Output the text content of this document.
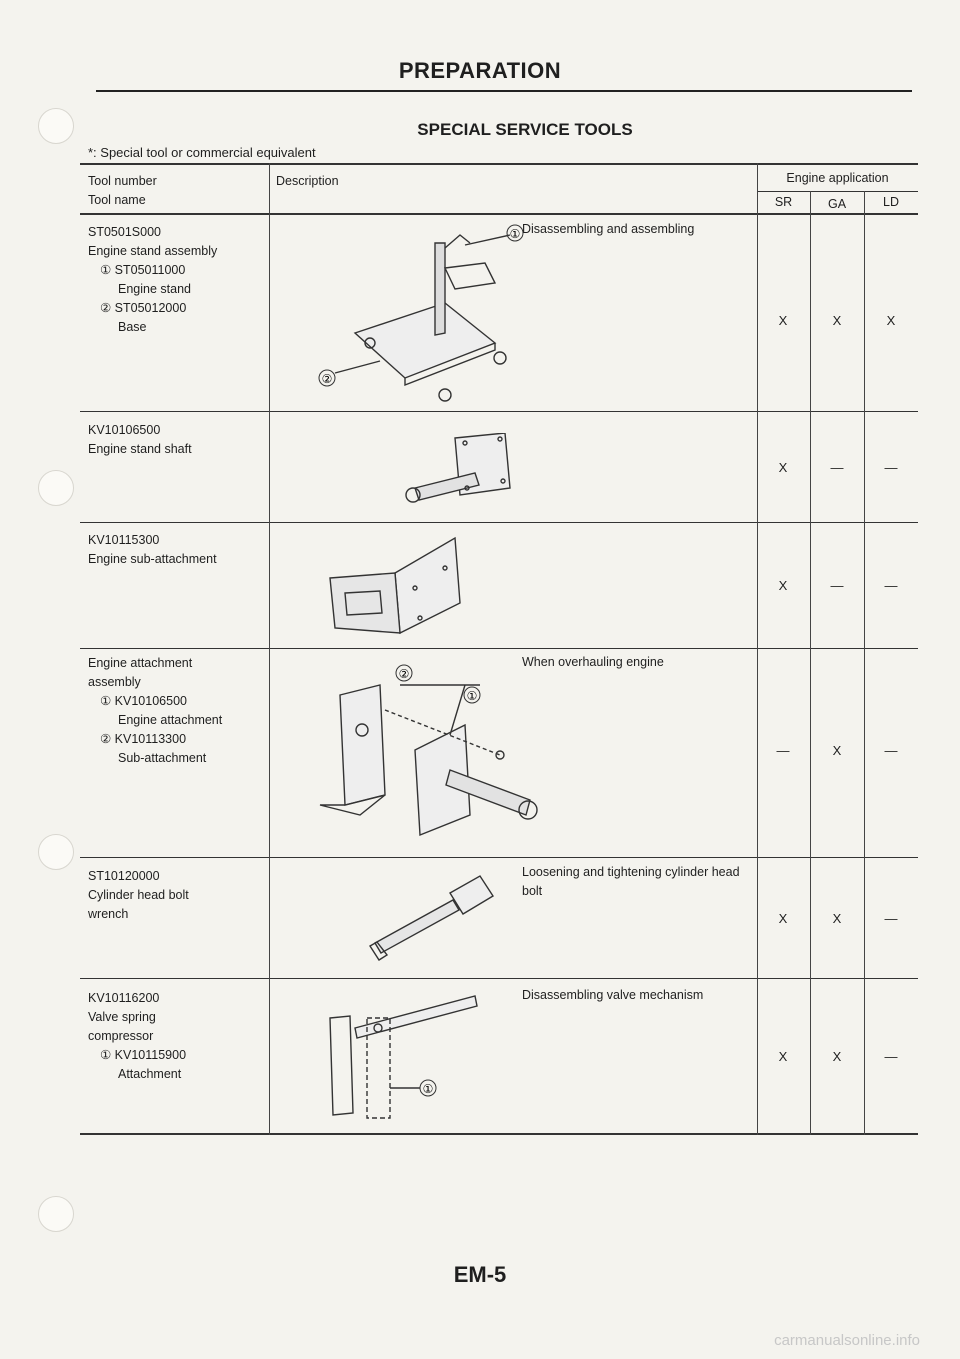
PREPARATION
SPECIAL SERVICE TOOLS
*: Special tool or commercial equivalent
Tool number
Tool name
Description	Engine application
SR	GA	LD
ST0501S000
Engine stand assembly
① ST05011000
Engine stand
② ST05012000
Base
Disassembling and assembling
②
①
X	X	X
KV10106500
Engine stand shaft
X	—	—
KV10115300
Engine sub-attachment
X	—	—
Engine attachment
assembly
① KV10106500
Engine attachment
② KV10113300
Sub-attachment
When overhauling engine
②
①
—	X	—
ST10120000
Cylinder head bolt
wrench
Loosening and tightening cylinder head bolt
X	X	—
KV10116200
Valve spring
compressor
① KV10115900
Attachment
Disassembling valve mechanism
①
X	X	—
EM-5
carmanualsonline.info
